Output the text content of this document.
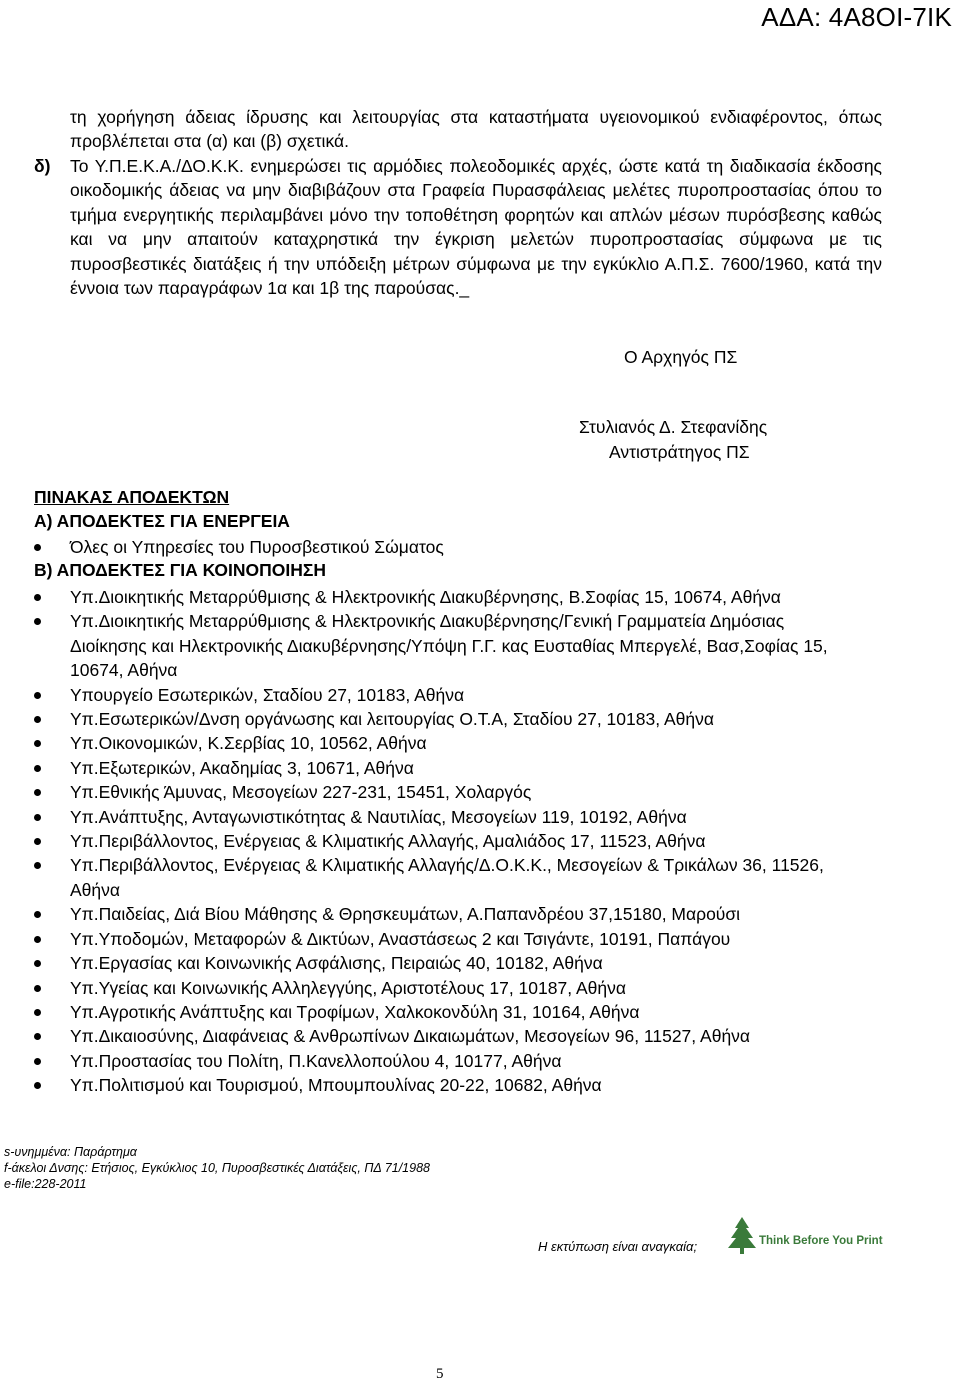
ΑΔΑ: 4Α8ΟΙ-7ΙΚ
τη χορήγηση άδειας ίδρυσης και λειτουργίας στα καταστήματα υγειονομικού ενδιαφέροντος, όπως προβλέπεται στα (α) και (β) σχετικά.
δ) Το Υ.Π.Ε.Κ.Α./ΔΟ.Κ.Κ. ενημερώσει τις αρμόδιες πολεοδομικές αρχές, ώστε κατά τη διαδικασία έκδοσης οικοδομικής άδειας να μην διαβιβάζουν στα Γραφεία Πυρασφάλειας μελέτες πυροπροστασίας όπου το τμήμα ενεργητικής περιλαμβάνει μόνο την τοποθέτηση φορητών και απλών μέσων πυρόσβεσης καθώς και να μην απαιτούν καταχρηστικά την έγκριση μελετών πυροπροστασίας σύμφωνα με τις πυροσβεστικές διατάξεις ή την υπόδειξη μέτρων σύμφωνα με την εγκύκλιο Α.Π.Σ. 7600/1960, κατά την έννοια των παραγράφων 1α και 1β της παρούσας._
Ο Αρχηγός ΠΣ
Στυλιανός Δ. Στεφανίδης
Αντιστράτηγος ΠΣ
ΠΙΝΑΚΑΣ ΑΠΟΔΕΚΤΩΝ
Α) ΑΠΟΔΕΚΤΕΣ ΓΙΑ ΕΝΕΡΓΕΙΑ
Όλες οι Υπηρεσίες του Πυροσβεστικού Σώματος
Β) ΑΠΟΔΕΚΤΕΣ ΓΙΑ ΚΟΙΝΟΠΟΙΗΣΗ
Υπ.Διοικητικής Μεταρρύθμισης & Ηλεκτρονικής Διακυβέρνησης, Β.Σοφίας 15, 10674, Αθήνα
Υπ.Διοικητικής Μεταρρύθμισης & Ηλεκτρονικής Διακυβέρνησης/Γενική Γραμματεία Δημόσιας Διοίκησης και Ηλεκτρονικής Διακυβέρνησης/Υπόψη Γ.Γ. κας Ευσταθίας Μπεργελέ, Βασ,Σοφίας 15, 10674, Αθήνα
Υπουργείο Εσωτερικών, Σταδίου 27, 10183, Αθήνα
Υπ.Εσωτερικών/Δνση οργάνωσης και λειτουργίας Ο.Τ.Α, Σταδίου 27, 10183, Αθήνα
Υπ.Οικονομικών, Κ.Σερβίας 10, 10562, Αθήνα
Υπ.Εξωτερικών, Ακαδημίας 3, 10671, Αθήνα
Υπ.Εθνικής Άμυνας, Μεσογείων 227-231, 15451, Χολαργός
Υπ.Ανάπτυξης, Ανταγωνιστικότητας & Ναυτιλίας, Μεσογείων 119, 10192, Αθήνα
Υπ.Περιβάλλοντος, Ενέργειας & Κλιματικής Αλλαγής, Αμαλιάδος 17, 11523, Αθήνα
Υπ.Περιβάλλοντος, Ενέργειας & Κλιματικής Αλλαγής/Δ.Ο.Κ.Κ., Μεσογείων & Τρικάλων 36, 11526, Αθήνα
Υπ.Παιδείας, Διά Βίου Μάθησης & Θρησκευμάτων, Α.Παπανδρέου 37,15180, Μαρούσι
Υπ.Υποδομών, Μεταφορών & Δικτύων, Αναστάσεως 2 και Τσιγάντε, 10191, Παπάγου
Υπ.Εργασίας και Κοινωνικής Ασφάλισης, Πειραιώς 40, 10182, Αθήνα
Υπ.Υγείας και Κοινωνικής Αλληλεγγύης, Αριστοτέλους 17, 10187, Αθήνα
Υπ.Αγροτικής Ανάπτυξης και Τροφίμων, Χαλκοκονδύλη 31, 10164, Αθήνα
Υπ.Δικαιοσύνης, Διαφάνειας & Ανθρωπίνων Δικαιωμάτων, Μεσογείων 96, 11527, Αθήνα
Υπ.Προστασίας του Πολίτη, Π.Κανελλοπούλου 4, 10177, Αθήνα
Υπ.Πολιτισμού και Τουρισμού, Μπουμπουλίνας 20-22, 10682, Αθήνα
s-υνημμένα: Παράρτημα
f-άκελοι Δνσης: Ετήσιος, Εγκύκλιος 10, Πυροσβεστικές Διατάξεις, ΠΔ 71/1988
e-file:228-2011
Η εκτύπωση είναι αναγκαία;	Think Before You Print
5
